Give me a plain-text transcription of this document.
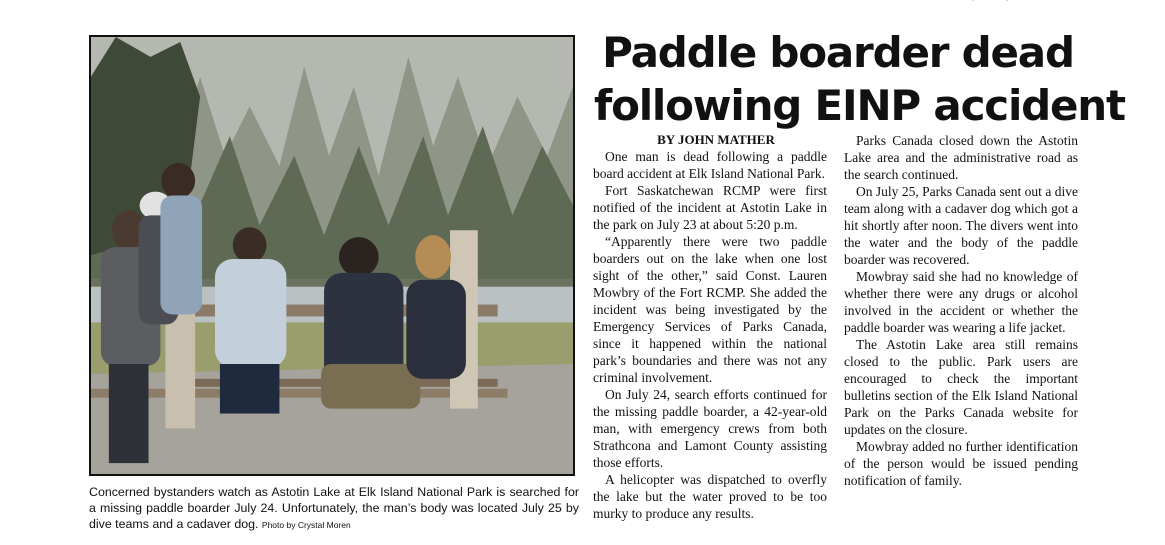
Concerned bystanders watch as Astotin Lake at Elk Island National Park is searched for a missing paddle boarder July 24. Unfortunately, the man’s body was located July 25 by dive teams and a cadaver dog. Photo by Crystal Moren
Paddle boarder dead
following EINP accident

BY JOHN MATHER

One man is dead following a paddle board accident at Elk Island National Park.

Fort Saskatchewan RCMP were first notified of the incident at Astotin Lake in the park on July 23 at about 5:20 p.m.

“Apparently there were two paddle boarders out on the lake when one lost sight of the other,” said Const. Lauren Mowbry of the Fort RCMP. She added the incident was being investigated by the Emergency Services of Parks Canada, since it happened within the national park’s boundaries and there was not any criminal involvement.

On July 24, search efforts continued for the missing paddle boarder, a 42-year-old man, with emergency crews from both Strathcona and Lamont County assisting those efforts.

A helicopter was dispatched to overfly the lake but the water proved to be too murky to produce any results.

Parks Canada closed down the Astotin Lake area and the administrative road as the search continued.

On July 25, Parks Canada sent out a dive team along with a cadaver dog which got a hit shortly after noon. The divers went into the water and the body of the paddle boarder was recovered.

Mowbray said she had no knowledge of whether there were any drugs or alcohol involved in the accident or whether the paddle boarder was wearing a life jacket.

The Astotin Lake area still remains closed to the public. Park users are encouraged to check the important bulletins section of the Elk Island National Park on the Parks Canada website for updates on the closure.

Mowbray added no further identification of the person would be issued pending notification of family.
